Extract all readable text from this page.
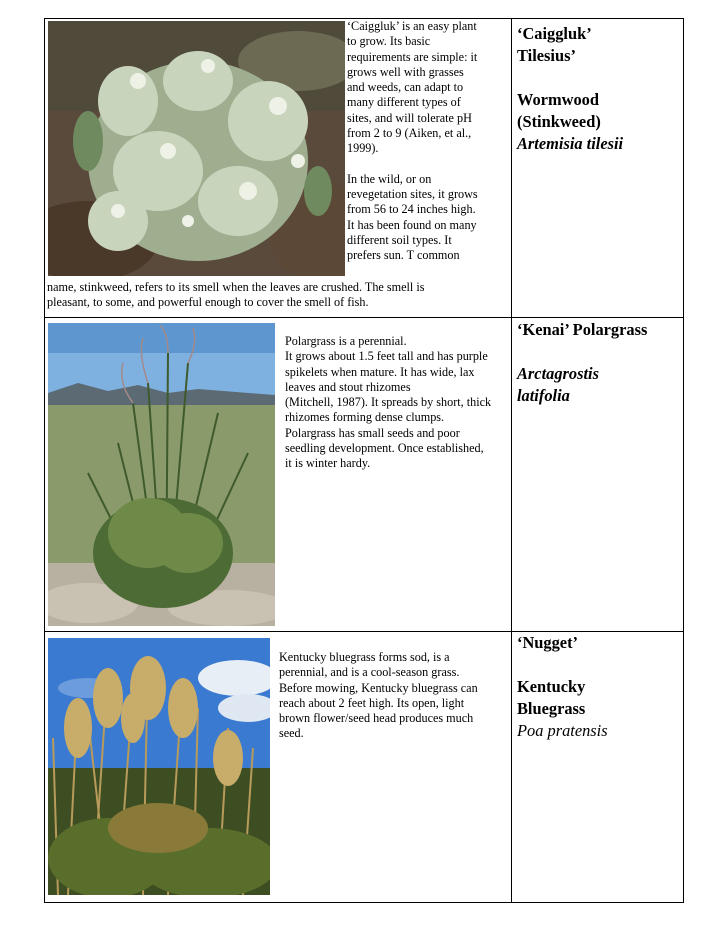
‘Caiggluk’ is an easy plant

to grow. Its basic

requirements are simple: it

grows well with grasses

and weeds, can adapt to

many different types of

sites, and will tolerate pH

from 2 to 9 (Aiken, et al.,

1999).

In the wild, or on

revegetation sites, it grows

from 56 to 24 inches high.

It has been found on many

different soil types. It

prefers sun. T common

name, stinkweed, refers to its smell when the leaves are crushed. The smell is

pleasant, to some, and powerful enough to cover the smell of fish.

‘Caiggluk’
Tilesius’
Wormwood
(Stinkweed)
Artemisia tilesii

Polargrass is a perennial.

It grows about 1.5 feet tall and has purple

spikelets when mature. It has wide, lax

leaves and stout rhizomes

(Mitchell, 1987). It spreads by short, thick

rhizomes forming dense clumps.

Polargrass has small seeds and poor

seedling development. Once established,

it is winter hardy.

‘Kenai’ Polargrass
Arctagrostis
latifolia

Kentucky bluegrass forms sod, is a

perennial, and is a cool-season grass.

Before mowing, Kentucky bluegrass can

reach about 2 feet high. Its open, light

brown flower/seed head produces much

seed.

‘Nugget’
Kentucky
Bluegrass
Poa pratensis
